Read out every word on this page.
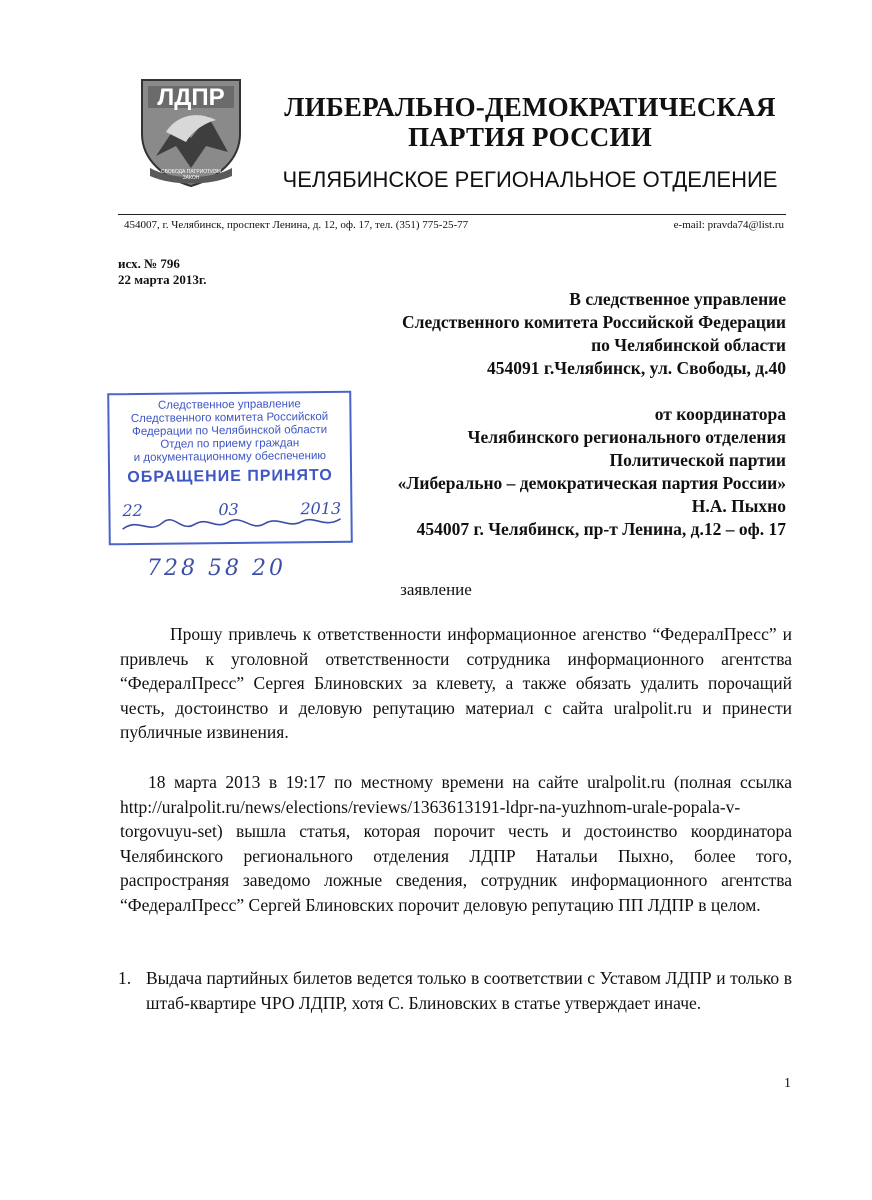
ЛДПР
СВОБОДА ПАТРИОТИЗМ ЗАКОН
ЛИБЕРАЛЬНО-ДЕМОКРАТИЧЕСКАЯ
ПАРТИЯ РОССИИ
ЧЕЛЯБИНСКОЕ РЕГИОНАЛЬНОЕ ОТДЕЛЕНИЕ
454007, г. Челябинск, проспект Ленина, д. 12, оф. 17, тел. (351) 775-25-77	e-mail: pravda74@list.ru
исх. № 796
22 марта 2013г.
В следственное управление
Следственного комитета Российской Федерации
по Челябинской области
454091 г.Челябинск, ул. Свободы, д.40
от координатора
Челябинского регионального отделения
Политической партии
«Либерально – демократическая партия России»
Н.А. Пыхно
454007 г. Челябинск, пр-т Ленина, д.12 – оф. 17
Следственное управление
Следственного комитета Российской
Федерации по Челябинской области
Отдел по приему граждан
и документационному обеспечению
ОБРАЩЕНИЕ ПРИНЯТО
22	03	2013
728 58 20
заявление
Прошу привлечь к ответственности информационное агенство “ФедералПресс” и привлечь к уголовной ответственности сотрудника информационного агентства “ФедералПресс” Сергея Блиновских за клевету, а также обязать удалить порочащий честь, достоинство и деловую репутацию материал с сайта uralpolit.ru и принести публичные извинения.
18 марта 2013 в 19:17 по местному времени на сайте uralpolit.ru (полная ссылка http://uralpolit.ru/news/elections/reviews/1363613191-ldpr-na-yuzhnom-urale-popala-v-torgovuyu-set) вышла статья, которая порочит честь и достоинство координатора Челябинского регионального отделения ЛДПР Натальи Пыхно, более того, распространяя заведомо ложные сведения, сотрудник информационного агентства “ФедералПресс” Сергей Блиновских порочит деловую репутацию ПП ЛДПР в целом.
1. Выдача партийных билетов ведется только в соответствии с Уставом ЛДПР и только в штаб-квартире ЧРО ЛДПР, хотя С. Блиновских в статье утверждает иначе.
1
